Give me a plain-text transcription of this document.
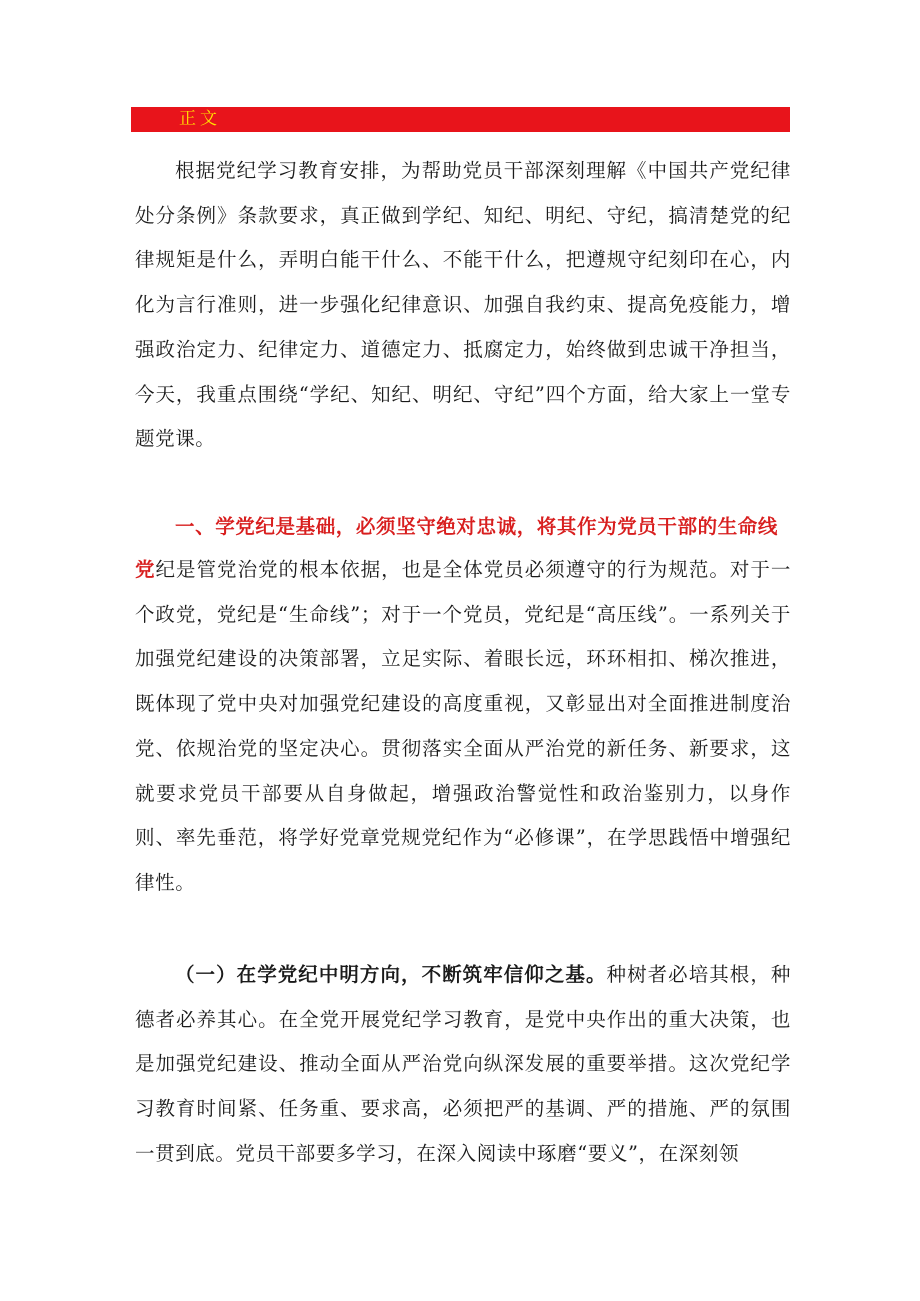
正文

根据党纪学习教育安排，为帮助党员干部深刻理解《中国共产党纪律处分条例》条款要求，真正做到学纪、知纪、明纪、守纪，搞清楚党的纪律规矩是什么，弄明白能干什么、不能干什么，把遵规守纪刻印在心，内化为言行准则，进一步强化纪律意识、加强自我约束、提高免疫能力，增强政治定力、纪律定力、道德定力、抵腐定力，始终做到忠诚干净担当，今天，我重点围绕“学纪、知纪、明纪、守纪”四个方面，给大家上一堂专题党课。

一、学党纪是基础，必须坚守绝对忠诚，将其作为党员干部的生命线

党纪是管党治党的根本依据，也是全体党员必须遵守的行为规范。对于一个政党，党纪是“生命线”；对于一个党员，党纪是“高压线”。一系列关于加强党纪建设的决策部署，立足实际、着眼长远，环环相扣、梯次推进，既体现了党中央对加强党纪建设的高度重视，又彰显出对全面推进制度治党、依规治党的坚定决心。贯彻落实全面从严治党的新任务、新要求，这就要求党员干部要从自身做起，增强政治警觉性和政治鉴别力，以身作则、率先垂范，将学好党章党规党纪作为“必修课”，在学思践悟中增强纪律性。

（一）在学党纪中明方向，不断筑牢信仰之基。种树者必培其根，种德者必养其心。在全党开展党纪学习教育，是党中央作出的重大决策，也是加强党纪建设、推动全面从严治党向纵深发展的重要举措。这次党纪学习教育时间紧、任务重、要求高，必须把严的基调、严的措施、严的氛围一贯到底。党员干部要多学习，在深入阅读中琢磨“要义”，在深刻领
